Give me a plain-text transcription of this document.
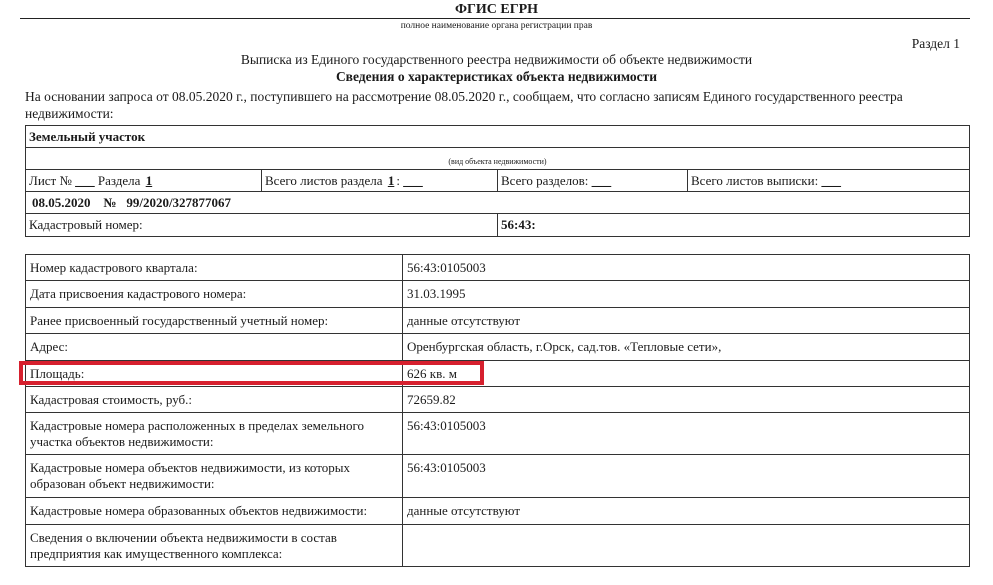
ФГИС ЕГРН
полное наименование органа регистрации прав
Раздел 1
Выписка из Единого государственного реестра недвижимости об объекте недвижимости
Сведения о характеристиках объекта недвижимости
На основании запроса от 08.05.2020 г., поступившего на рассмотрение 08.05.2020 г., сообщаем, что согласно записям Единого государственного реестра
недвижимости:
Земельный участок			
(вид объекта недвижимости)			
Лист № ___ Раздела 1	Всего листов раздела 1 : ___	Всего разделов: ___	Всего листов выписки: ___
08.05.2020 № 99/2020/327877067			
Кадастровый номер:		56:43:	
Номер кадастрового квартала:	56:43:0105003
Дата присвоения кадастрового номера:	31.03.1995
Ранее присвоенный государственный учетный номер:	данные отсутствуют
Адрес:	Оренбургская область, г.Орск, сад.тов. «Тепловые сети»,
Площадь:	626 кв. м
Кадастровая стоимость, руб.:	72659.82
Кадастровые номера расположенных в пределах земельного участка объектов недвижимости:	56:43:0105003
Кадастровые номера объектов недвижимости, из которых образован объект недвижимости:	56:43:0105003
Кадастровые номера образованных объектов недвижимости:	данные отсутствуют
Сведения о включении объекта недвижимости в состав предприятия как имущественного комплекса:	
